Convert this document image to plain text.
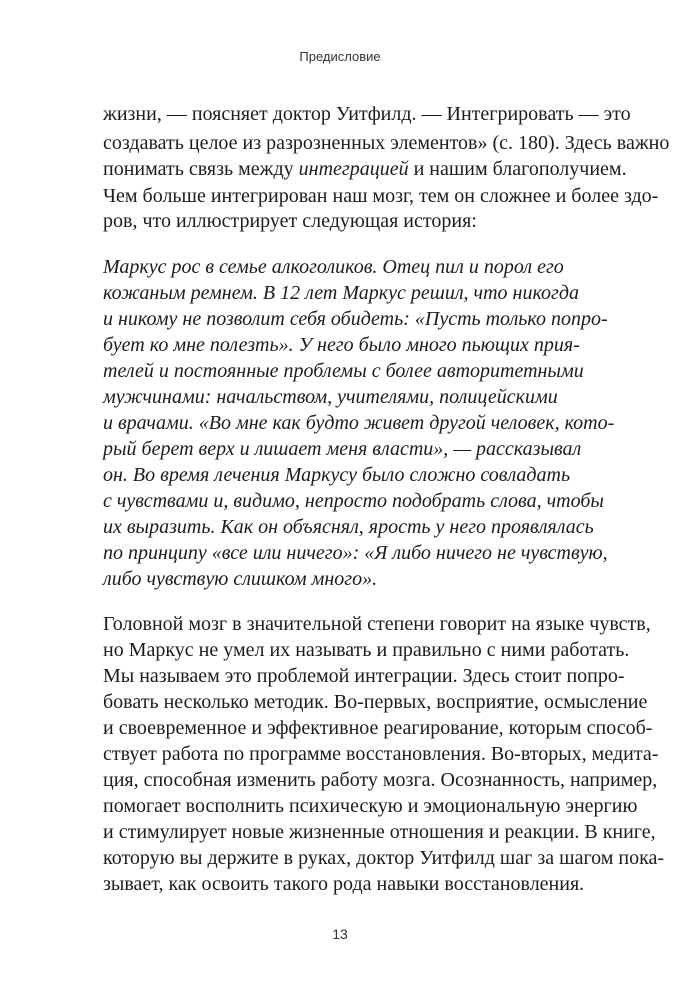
Предисловие
жизни, — поясняет доктор Уитфилд. — Интегрировать — это
создавать целое из разрозненных элементов» (с. 180). Здесь важно
понимать связь между интеграцией и нашим благополучием.
Чем больше интегрирован наш мозг, тем он сложнее и более здо-
ров, что иллюстрирует следующая история:
Маркус рос в семье алкоголиков. Отец пил и порол его
кожаным ремнем. В 12 лет Маркус решил, что никогда
и никому не позволит себя обидеть: «Пусть только попро-
бует ко мне полезть». У него было много пьющих прия-
телей и постоянные проблемы с более авторитетными
мужчинами: начальством, учителями, полицейскими
и врачами. «Во мне как будто живет другой человек, кото-
рый берет верх и лишает меня власти», — рассказывал
он. Во время лечения Маркусу было сложно совладать
с чувствами и, видимо, непросто подобрать слова, чтобы
их выразить. Как он объяснял, ярость у него проявлялась
по принципу «все или ничего»: «Я либо ничего не чувствую,
либо чувствую слишком много».
Головной мозг в значительной степени говорит на языке чувств,
но Маркус не умел их называть и правильно с ними работать.
Мы называем это проблемой интеграции. Здесь стоит попро-
бовать несколько методик. Во-первых, восприятие, осмысление
и своевременное и эффективное реагирование, которым способ-
ствует работа по программе восстановления. Во-вторых, медита-
ция, способная изменить работу мозга. Осознанность, например,
помогает восполнить психическую и эмоциональную энергию
и стимулирует новые жизненные отношения и реакции. В книге,
которую вы держите в руках, доктор Уитфилд шаг за шагом пока-
зывает, как освоить такого рода навыки восстановления.
13
